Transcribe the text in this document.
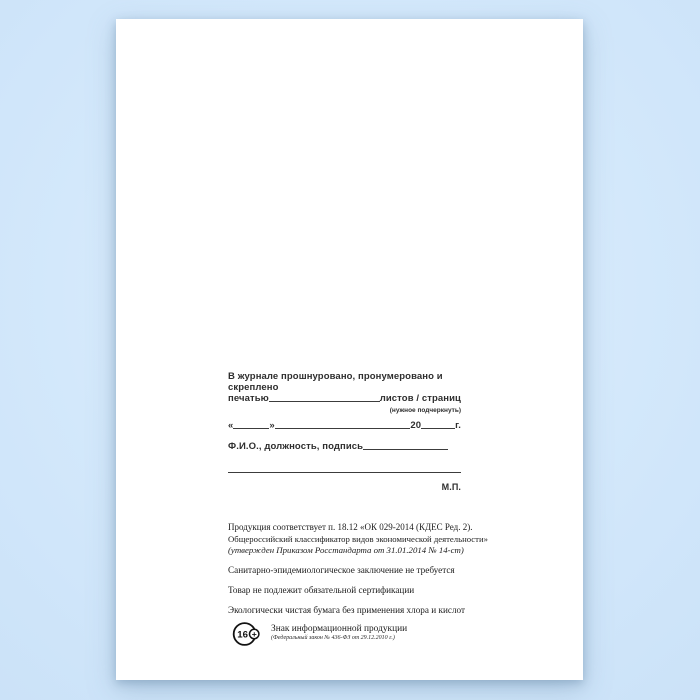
В журнале прошнуровано, пронумеровано и скреплено
печатью	листов / страниц
(нужное подчеркнуть)
«	»	20	г.
Ф.И.О., должность, подпись
М.П.
Продукция соответствует п. 18.12 «ОК 029-2014 (КДЕС Ред. 2).
Общероссийский классификатор видов экономической деятельности»
(утвержден Приказом Росстандарта от 31.01.2014 № 14-ст)
Санитарно-эпидемиологическое заключение не требуется
Товар не подлежит обязательной сертификации
Экологически чистая бумага без применения хлора и кислот
16 +
Знак информационной продукции
(Федеральный закон № 436-ФЗ от 29.12.2010 г.)
